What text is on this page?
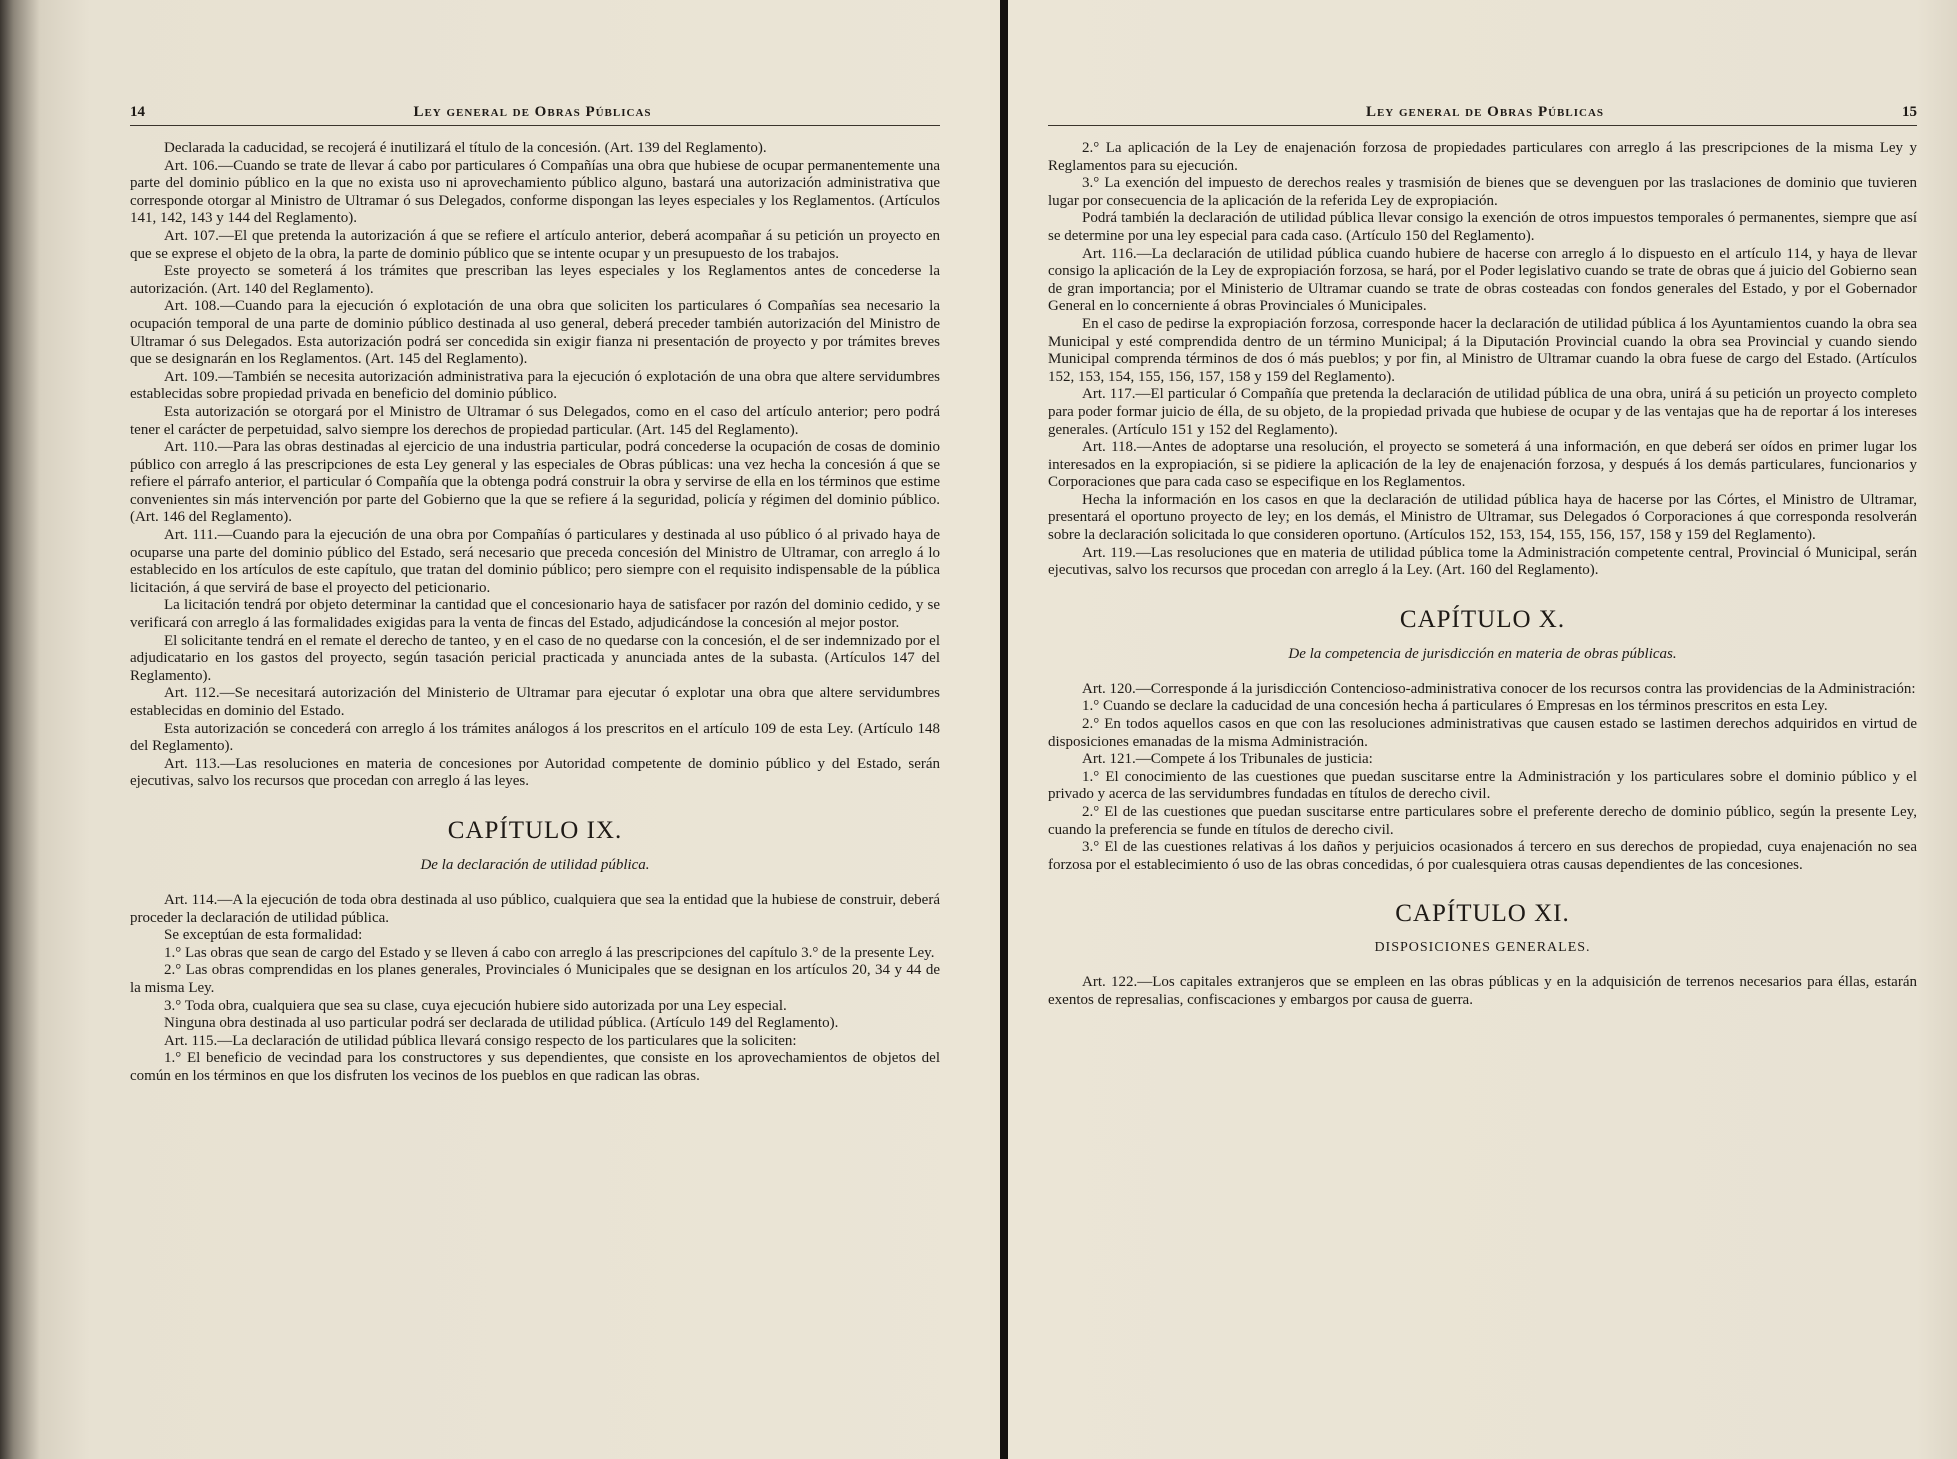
14	Ley general de Obras Públicas

Declarada la caducidad, se recojerá é inutilizará el título de la concesión. (Art. 139 del Reglamento).

Art. 106.—Cuando se trate de llevar á cabo por particulares ó Compañías una obra que hubiese de ocupar permanentemente una parte del dominio público en la que no exista uso ni aprovechamiento público alguno, bastará una autorización administrativa que corresponde otorgar al Ministro de Ultramar ó sus Delegados, conforme dispongan las leyes especiales y los Reglamentos. (Artículos 141, 142, 143 y 144 del Reglamento).

Art. 107.—El que pretenda la autorización á que se refiere el artículo anterior, deberá acompañar á su petición un proyecto en que se exprese el objeto de la obra, la parte de dominio público que se intente ocupar y un presupuesto de los trabajos.

Este proyecto se someterá á los trámites que prescriban las leyes especiales y los Reglamentos antes de concederse la autorización. (Art. 140 del Reglamento).

Art. 108.—Cuando para la ejecución ó explotación de una obra que soliciten los particulares ó Compañías sea necesario la ocupación temporal de una parte de dominio público destinada al uso general, deberá preceder también autorización del Ministro de Ultramar ó sus Delegados. Esta autorización podrá ser concedida sin exigir fianza ni presentación de proyecto y por trámites breves que se designarán en los Reglamentos. (Art. 145 del Reglamento).

Art. 109.—También se necesita autorización administrativa para la ejecución ó explotación de una obra que altere servidumbres establecidas sobre propiedad privada en beneficio del dominio público.

Esta autorización se otorgará por el Ministro de Ultramar ó sus Delegados, como en el caso del artículo anterior; pero podrá tener el carácter de perpetuidad, salvo siempre los derechos de propiedad particular. (Art. 145 del Reglamento).

Art. 110.—Para las obras destinadas al ejercicio de una industria particular, podrá concederse la ocupación de cosas de dominio público con arreglo á las prescripciones de esta Ley general y las especiales de Obras públicas: una vez hecha la concesión á que se refiere el párrafo anterior, el particular ó Compañía que la obtenga podrá construir la obra y servirse de ella en los términos que estime convenientes sin más intervención por parte del Gobierno que la que se refiere á la seguridad, policía y régimen del dominio público. (Art. 146 del Reglamento).

Art. 111.—Cuando para la ejecución de una obra por Compañías ó particulares y destinada al uso público ó al privado haya de ocuparse una parte del dominio público del Estado, será necesario que preceda concesión del Ministro de Ultramar, con arreglo á lo establecido en los artículos de este capítulo, que tratan del dominio público; pero siempre con el requisito indispensable de la pública licitación, á que servirá de base el proyecto del peticionario.

La licitación tendrá por objeto determinar la cantidad que el concesionario haya de satisfacer por razón del dominio cedido, y se verificará con arreglo á las formalidades exigidas para la venta de fincas del Estado, adjudicándose la concesión al mejor postor.

El solicitante tendrá en el remate el derecho de tanteo, y en el caso de no quedarse con la concesión, el de ser indemnizado por el adjudicatario en los gastos del proyecto, según tasación pericial practicada y anunciada antes de la subasta. (Artículos 147 del Reglamento).

Art. 112.—Se necesitará autorización del Ministerio de Ultramar para ejecutar ó explotar una obra que altere servidumbres establecidas en dominio del Estado.

Esta autorización se concederá con arreglo á los trámites análogos á los prescritos en el artículo 109 de esta Ley. (Artículo 148 del Reglamento).

Art. 113.—Las resoluciones en materia de concesiones por Autoridad competente de dominio público y del Estado, serán ejecutivas, salvo los recursos que procedan con arreglo á las leyes.

CAPÍTULO IX.
De la declaración de utilidad pública.

Art. 114.—A la ejecución de toda obra destinada al uso público, cualquiera que sea la entidad que la hubiese de construir, deberá proceder la declaración de utilidad pública.

Se exceptúan de esta formalidad:

1.° Las obras que sean de cargo del Estado y se lleven á cabo con arreglo á las prescripciones del capítulo 3.° de la presente Ley.

2.° Las obras comprendidas en los planes generales, Provinciales ó Municipales que se designan en los artículos 20, 34 y 44 de la misma Ley.

3.° Toda obra, cualquiera que sea su clase, cuya ejecución hubiere sido autorizada por una Ley especial.

Ninguna obra destinada al uso particular podrá ser declarada de utilidad pública. (Artículo 149 del Reglamento).

Art. 115.—La declaración de utilidad pública llevará consigo respecto de los particulares que la soliciten:

1.° El beneficio de vecindad para los constructores y sus dependientes, que consiste en los aprovechamientos de objetos del común en los términos en que los disfruten los vecinos de los pueblos en que radican las obras.

Ley general de Obras Públicas	15

2.° La aplicación de la Ley de enajenación forzosa de propiedades particulares con arreglo á las prescripciones de la misma Ley y Reglamentos para su ejecución.

3.° La exención del impuesto de derechos reales y trasmisión de bienes que se devenguen por las traslaciones de dominio que tuvieren lugar por consecuencia de la aplicación de la referida Ley de expropiación.

Podrá también la declaración de utilidad pública llevar consigo la exención de otros impuestos temporales ó permanentes, siempre que así se determine por una ley especial para cada caso. (Artículo 150 del Reglamento).

Art. 116.—La declaración de utilidad pública cuando hubiere de hacerse con arreglo á lo dispuesto en el artículo 114, y haya de llevar consigo la aplicación de la Ley de expropiación forzosa, se hará, por el Poder legislativo cuando se trate de obras que á juicio del Gobierno sean de gran importancia; por el Ministerio de Ultramar cuando se trate de obras costeadas con fondos generales del Estado, y por el Gobernador General en lo concerniente á obras Provinciales ó Municipales.

En el caso de pedirse la expropiación forzosa, corresponde hacer la declaración de utilidad pública á los Ayuntamientos cuando la obra sea Municipal y esté comprendida dentro de un término Municipal; á la Diputación Provincial cuando la obra sea Provincial y cuando siendo Municipal comprenda términos de dos ó más pueblos; y por fin, al Ministro de Ultramar cuando la obra fuese de cargo del Estado. (Artículos 152, 153, 154, 155, 156, 157, 158 y 159 del Reglamento).

Art. 117.—El particular ó Compañía que pretenda la declaración de utilidad pública de una obra, unirá á su petición un proyecto completo para poder formar juicio de élla, de su objeto, de la propiedad privada que hubiese de ocupar y de las ventajas que ha de reportar á los intereses generales. (Artículo 151 y 152 del Reglamento).

Art. 118.—Antes de adoptarse una resolución, el proyecto se someterá á una información, en que deberá ser oídos en primer lugar los interesados en la expropiación, si se pidiere la aplicación de la ley de enajenación forzosa, y después á los demás particulares, funcionarios y Corporaciones que para cada caso se especifique en los Reglamentos.

Hecha la información en los casos en que la declaración de utilidad pública haya de hacerse por las Córtes, el Ministro de Ultramar, presentará el oportuno proyecto de ley; en los demás, el Ministro de Ultramar, sus Delegados ó Corporaciones á que corresponda resolverán sobre la declaración solicitada lo que consideren oportuno. (Artículos 152, 153, 154, 155, 156, 157, 158 y 159 del Reglamento).

Art. 119.—Las resoluciones que en materia de utilidad pública tome la Administración competente central, Provincial ó Municipal, serán ejecutivas, salvo los recursos que procedan con arreglo á la Ley. (Art. 160 del Reglamento).

CAPÍTULO X.
De la competencia de jurisdicción en materia de obras públicas.

Art. 120.—Corresponde á la jurisdicción Contencioso-administrativa conocer de los recursos contra las providencias de la Administración:

1.° Cuando se declare la caducidad de una concesión hecha á particulares ó Empresas en los términos prescritos en esta Ley.

2.° En todos aquellos casos en que con las resoluciones administrativas que causen estado se lastimen derechos adquiridos en virtud de disposiciones emanadas de la misma Administración.

Art. 121.—Compete á los Tribunales de justicia:

1.° El conocimiento de las cuestiones que puedan suscitarse entre la Administración y los particulares sobre el dominio público y el privado y acerca de las servidumbres fundadas en títulos de derecho civil.

2.° El de las cuestiones que puedan suscitarse entre particulares sobre el preferente derecho de dominio público, según la presente Ley, cuando la preferencia se funde en títulos de derecho civil.

3.° El de las cuestiones relativas á los daños y perjuicios ocasionados á tercero en sus derechos de propiedad, cuya enajenación no sea forzosa por el establecimiento ó uso de las obras concedidas, ó por cualesquiera otras causas dependientes de las concesiones.

CAPÍTULO XI.
DISPOSICIONES GENERALES.

Art. 122.—Los capitales extranjeros que se empleen en las obras públicas y en la adquisición de terrenos necesarios para éllas, estarán exentos de represalias, confiscaciones y embargos por causa de guerra.
